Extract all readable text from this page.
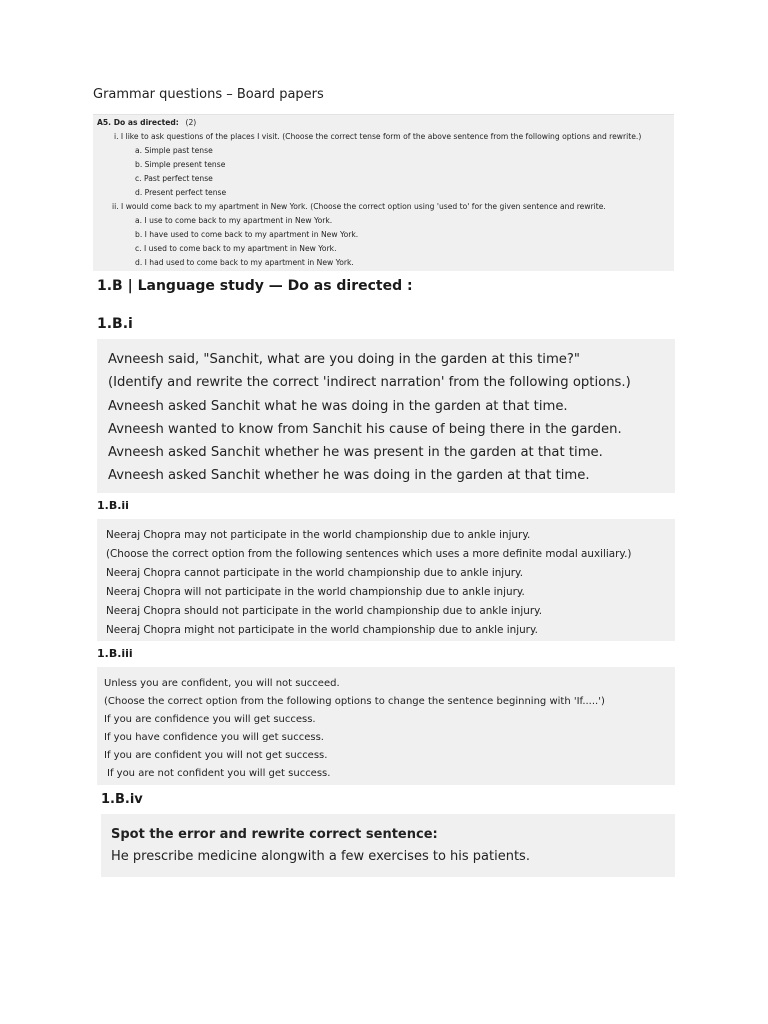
Grammar questions – Board papers
A5. Do as directed: (2)
i. I like to ask questions of the places I visit. (Choose the correct tense form of the above sentence from the following options and rewrite.)
a. Simple past tense
b. Simple present tense
c. Past perfect tense
d. Present perfect tense
ii. I would come back to my apartment in New York. (Choose the correct option using 'used to' for the given sentence and rewrite.
a. I use to come back to my apartment in New York.
b. I have used to come back to my apartment in New York.
c. I used to come back to my apartment in New York.
d. I had used to come back to my apartment in New York.
1.B | Language study — Do as directed :
1.B.i
Avneesh said, "Sanchit, what are you doing in the garden at this time?"
(Identify and rewrite the correct 'indirect narration' from the following options.)
Avneesh asked Sanchit what he was doing in the garden at that time.
Avneesh wanted to know from Sanchit his cause of being there in the garden.
Avneesh asked Sanchit whether he was present in the garden at that time.
Avneesh asked Sanchit whether he was doing in the garden at that time.
1.B.ii
Neeraj Chopra may not participate in the world championship due to ankle injury.
(Choose the correct option from the following sentences which uses a more definite modal auxiliary.)
Neeraj Chopra cannot participate in the world championship due to ankle injury.
Neeraj Chopra will not participate in the world championship due to ankle injury.
Neeraj Chopra should not participate in the world championship due to ankle injury.
Neeraj Chopra might not participate in the world championship due to ankle injury.
1.B.iii
Unless you are confident, you will not succeed.
(Choose the correct option from the following options to change the sentence beginning with 'If.....')
If you are confidence you will get success.
If you have confidence you will get success.
If you are confident you will not get success.
If you are not confident you will get success.
1.B.iv
Spot the error and rewrite correct sentence:
He prescribe medicine alongwith a few exercises to his patients.
